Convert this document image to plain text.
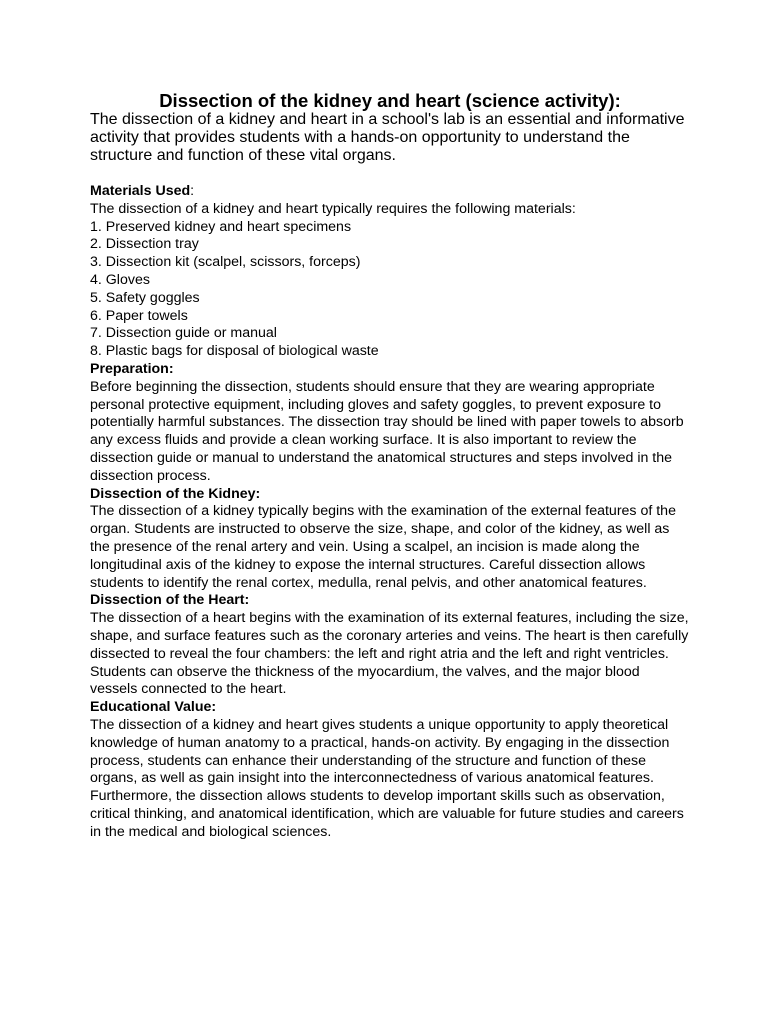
Dissection of the kidney and heart (science activity):

The dissection of a kidney and heart in a school's lab is an essential and informative activity that provides students with a hands-on opportunity to understand the structure and function of these vital organs.

Materials Used:

The dissection of a kidney and heart typically requires the following materials:

1. Preserved kidney and heart specimens
2. Dissection tray
3. Dissection kit (scalpel, scissors, forceps)
4. Gloves
5. Safety goggles
6. Paper towels
7. Dissection guide or manual
8. Plastic bags for disposal of biological waste

Preparation:

Before beginning the dissection, students should ensure that they are wearing appropriate personal protective equipment, including gloves and safety goggles, to prevent exposure to potentially harmful substances. The dissection tray should be lined with paper towels to absorb any excess fluids and provide a clean working surface. It is also important to review the dissection guide or manual to understand the anatomical structures and steps involved in the dissection process.

Dissection of the Kidney:

The dissection of a kidney typically begins with the examination of the external features of the organ. Students are instructed to observe the size, shape, and color of the kidney, as well as the presence of the renal artery and vein. Using a scalpel, an incision is made along the longitudinal axis of the kidney to expose the internal structures. Careful dissection allows students to identify the renal cortex, medulla, renal pelvis, and other anatomical features.

Dissection of the Heart:

The dissection of a heart begins with the examination of its external features, including the size, shape, and surface features such as the coronary arteries and veins. The heart is then carefully dissected to reveal the four chambers: the left and right atria and the left and right ventricles. Students can observe the thickness of the myocardium, the valves, and the major blood vessels connected to the heart.

Educational Value:

The dissection of a kidney and heart gives students a unique opportunity to apply theoretical knowledge of human anatomy to a practical, hands-on activity. By engaging in the dissection process, students can enhance their understanding of the structure and function of these organs, as well as gain insight into the interconnectedness of various anatomical features. Furthermore, the dissection allows students to develop important skills such as observation, critical thinking, and anatomical identification, which are valuable for future studies and careers in the medical and biological sciences.
